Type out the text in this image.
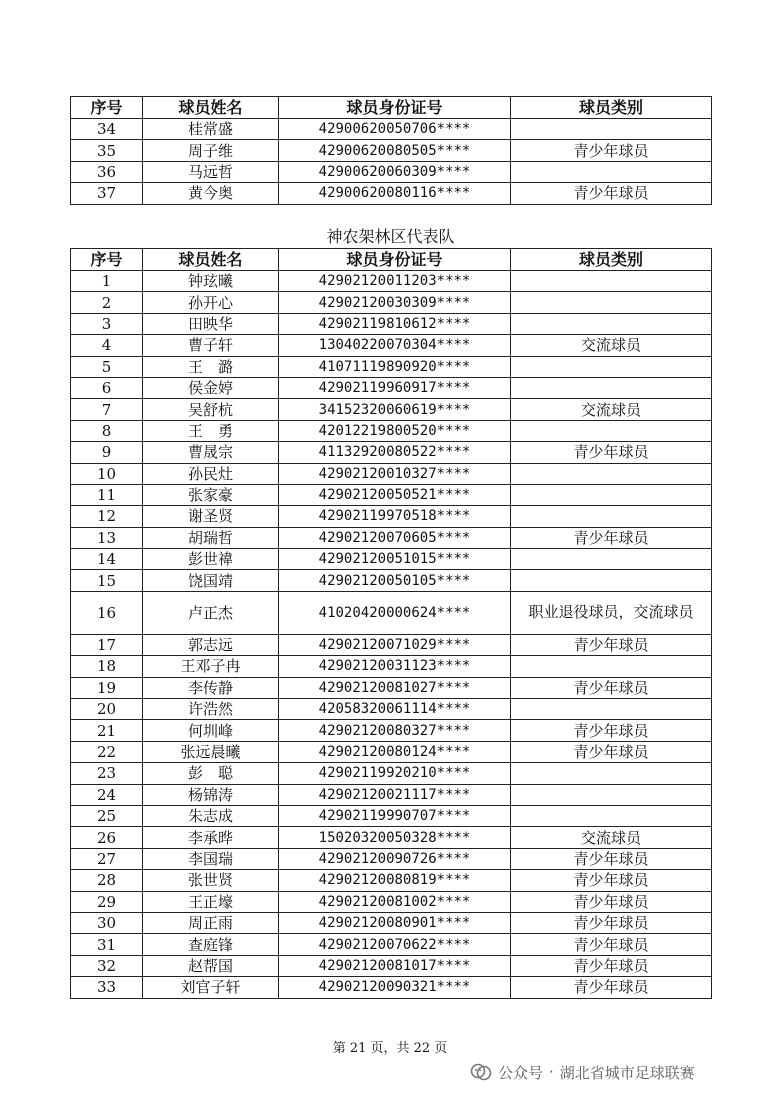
序号	球员姓名	球员身份证号	球员类别
34	桂常盛	42900620050706****	
35	周子维	42900620080505****	青少年球员
36	马远哲	42900620060309****	
37	黄今奥	42900620080116****	青少年球员
神农架林区代表队
序号	球员姓名	球员身份证号	球员类别
1	钟玹曦	42902120011203****	
2	孙开心	42902120030309****	
3	田映华	42902119810612****	
4	曹子轩	13040220070304****	交流球员
5	王　潞	41071119890920****	
6	侯金婷	42902119960917****	
7	吴舒杭	34152320060619****	交流球员
8	王　勇	42012219800520****	
9	曹晟宗	41132920080522****	青少年球员
10	孙民灶	42902120010327****	
11	张家豪	42902120050521****	
12	谢圣贤	42902119970518****	
13	胡瑞哲	42902120070605****	青少年球员
14	彭世禕	42902120051015****	
15	饶国靖	42902120050105****	
16	卢正杰	41020420000624****	职业退役球员，交流球员
17	郭志远	42902120071029****	青少年球员
18	王邓子冉	42902120031123****	
19	李传静	42902120081027****	青少年球员
20	许浩然	42058320061114****	
21	何圳峰	42902120080327****	青少年球员
22	张远晨曦	42902120080124****	青少年球员
23	彭　聪	42902119920210****	
24	杨锦涛	42902120021117****	
25	朱志成	42902119990707****	
26	李承晔	15020320050328****	交流球员
27	李国瑞	42902120090726****	青少年球员
28	张世贤	42902120080819****	青少年球员
29	王正壕	42902120081002****	青少年球员
30	周正雨	42902120080901****	青少年球员
31	查庭锋	42902120070622****	青少年球员
32	赵帮国	42902120081017****	青少年球员
33	刘官子轩	42902120090321****	青少年球员
第 21 页，共 22 页
公众号 · 湖北省城市足球联赛
